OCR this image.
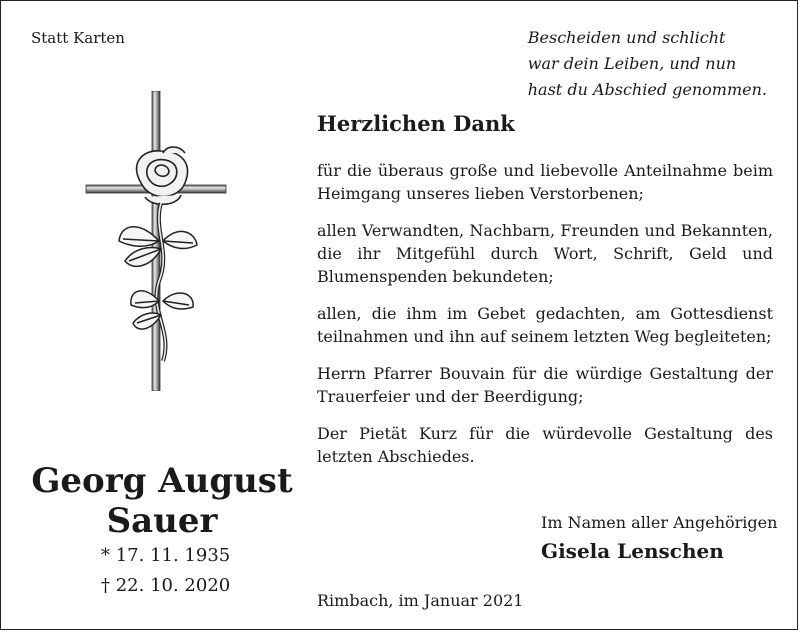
Statt Karten	Bescheiden und schlicht
war dein Leiben, und nun
hast du Abschied genommen.
Georg August
Sauer
* 17. 11. 1935
† 22. 10. 2020
Herzlichen Dank

für die überaus große und liebevolle Anteilnahme beim Heimgang unseres lieben Verstorbenen;

allen Verwandten, Nachbarn, Freunden und Bekannten, die ihr Mitgefühl durch Wort, Schrift, Geld und Blumenspenden bekundeten;

allen, die ihm im Gebet gedachten, am Gottesdienst teilnahmen und ihn auf seinem letzten Weg begleiteten;

Herrn Pfarrer Bouvain für die würdige Gestaltung der Trauerfeier und der Beerdigung;

Der Pietät Kurz für die würdevolle Gestaltung des letzten Abschiedes.

Im Namen aller Angehörigen
Gisela Lenschen
Rimbach, im Januar 2021
